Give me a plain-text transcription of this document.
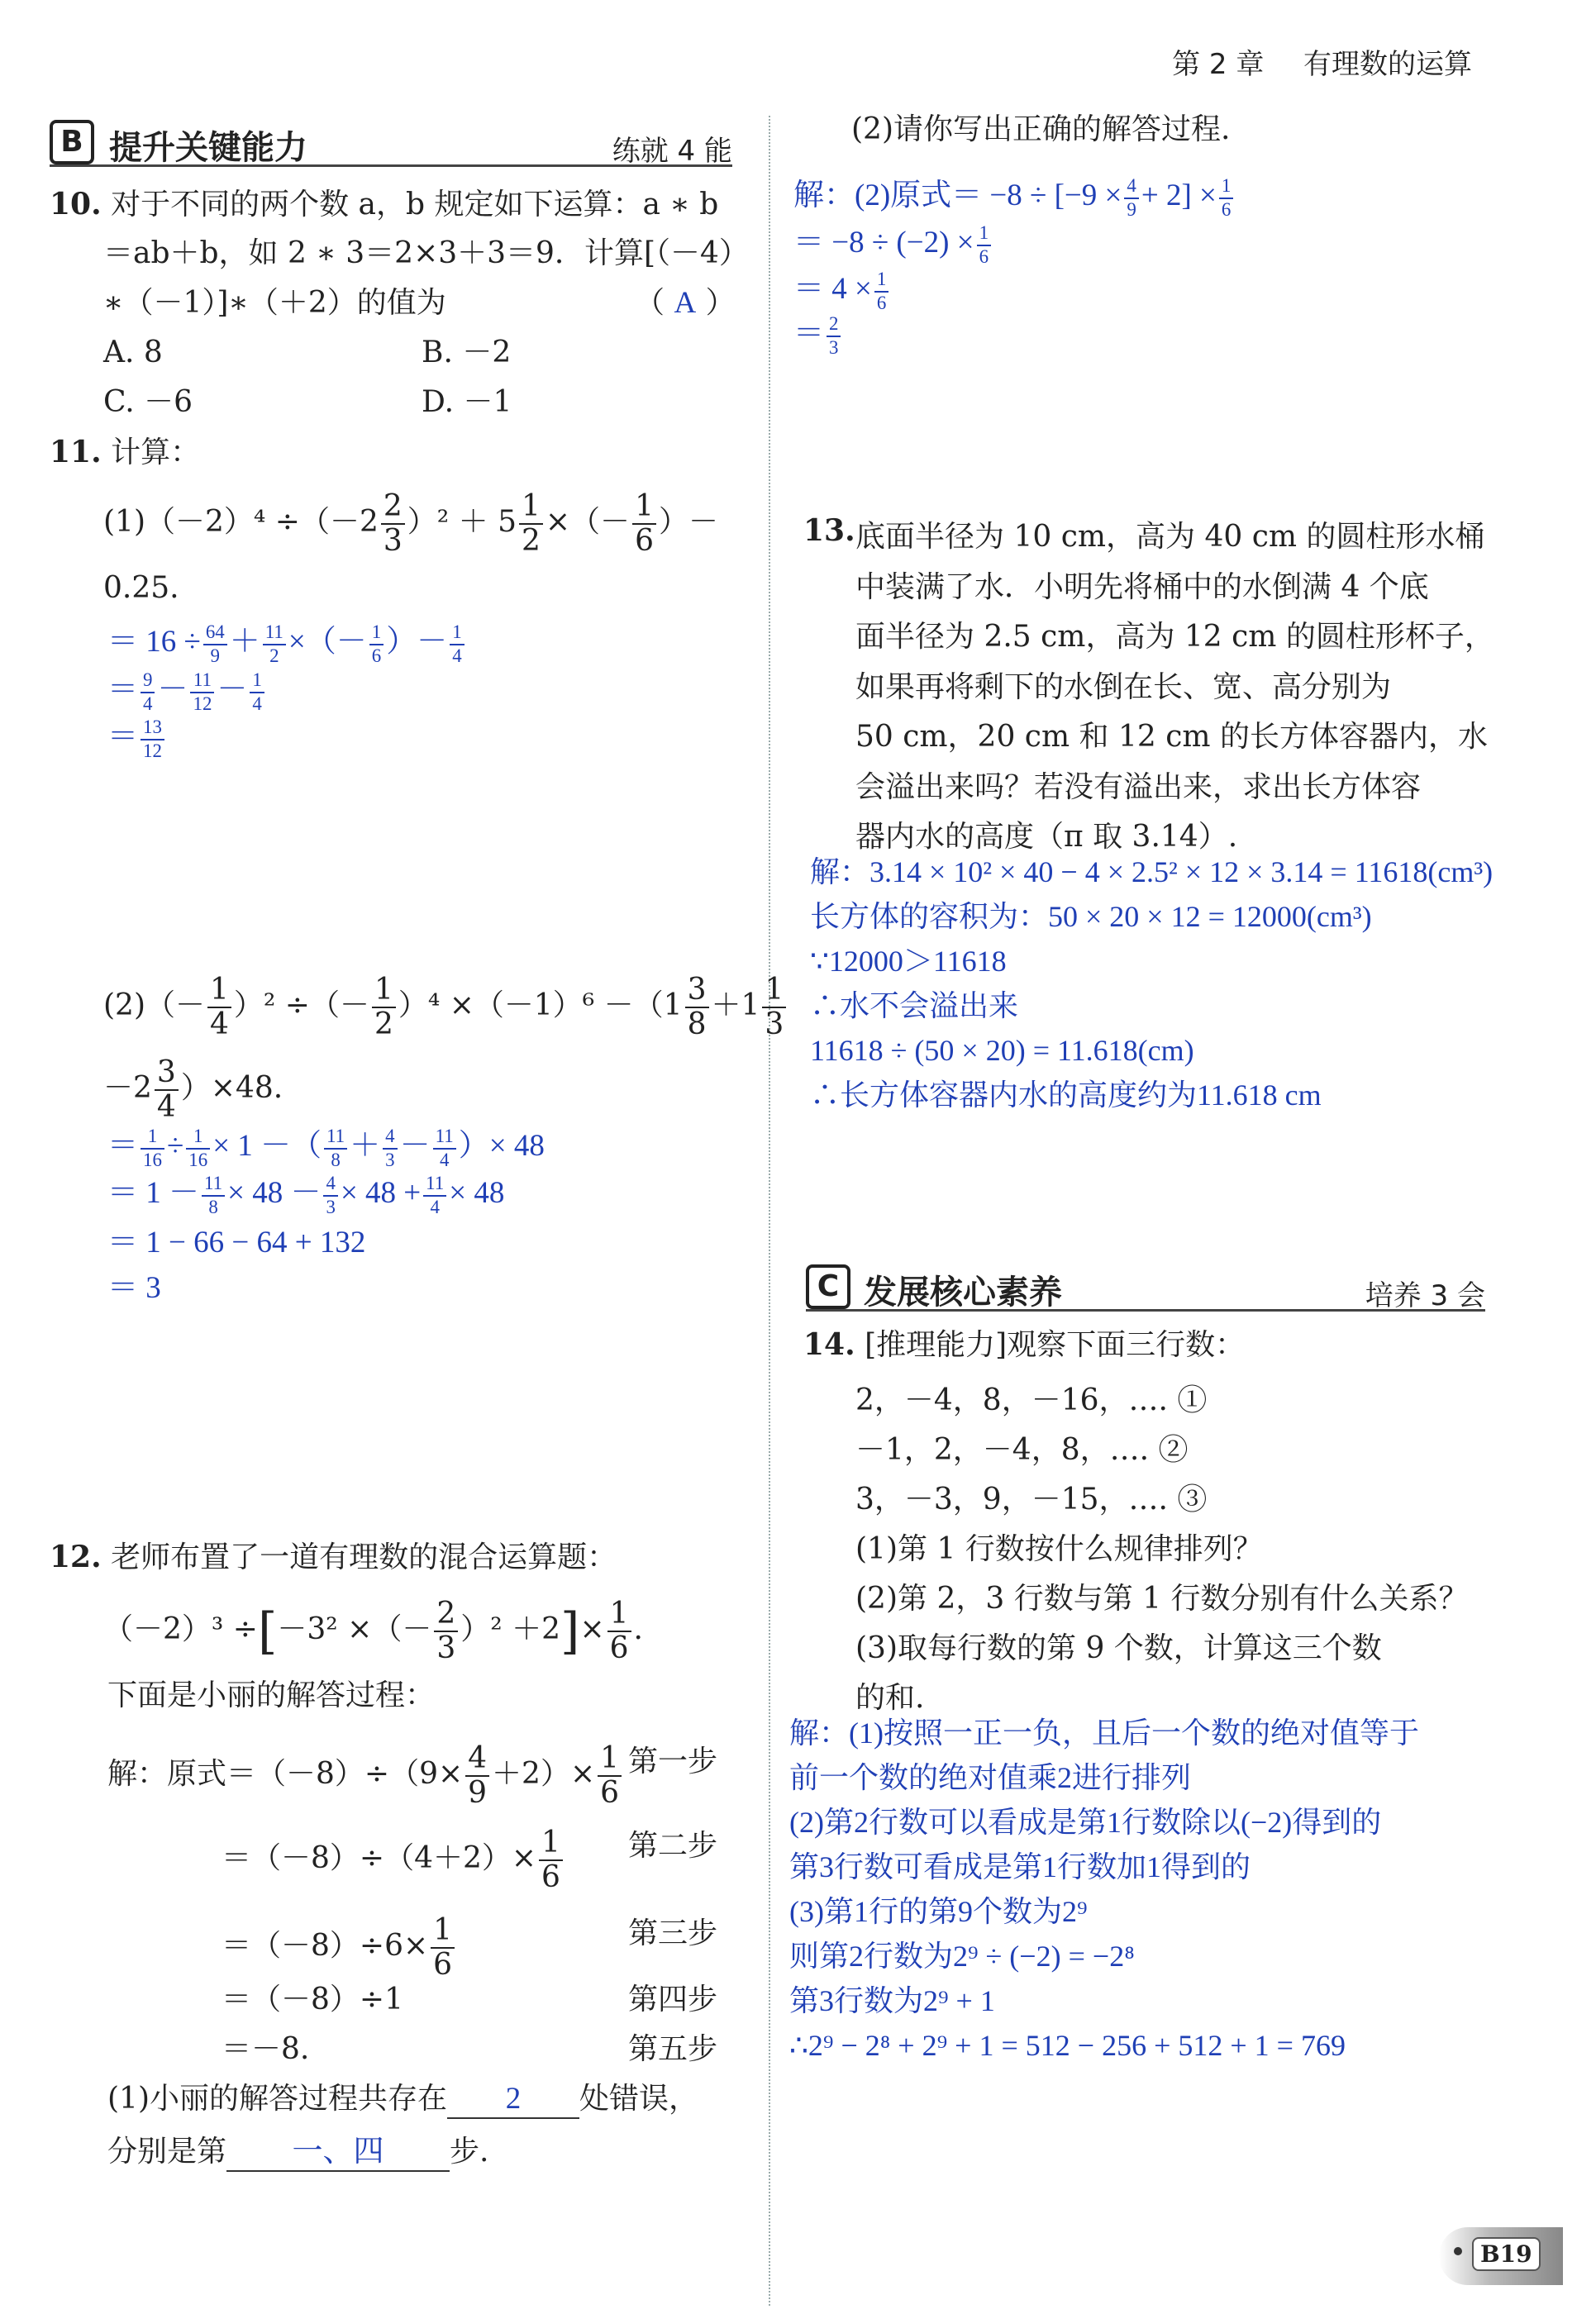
第 2 章 有理数的运算
B 提升关键能力	练就 4 能
10. 对于不同的两个数 a，b 规定如下运算：a ∗ b
＝ab＋b，如 2 ∗ 3＝2×3＋3＝9．计算[（－4）
∗（－1）]∗（＋2）的值为	（ A ）
A. 8	B. －2
C. －6	D. －1
11. 计算：
$(1)(-2)^4 \div(-2 \frac{2}{3} )^2 + 5 \frac{1}{2}$ ×（－ $\frac{1}{6}$ ）－
0.25.
＝ $16 \div \frac{64}{9} + \frac{11}{2}$ ×（－ $\frac{1}{6}$ ）－ $\frac{1}{4}$
＝ $\frac{9}{4} - \frac{11}{12} - \frac{1}{4}$
＝ $\frac{13}{12}$
$(2)(- \frac{1}{4} )^2$ ÷（－ $\frac{1}{2} )^4 \times(-1)^6 -(1 \frac{3}{8} +1 \frac{1}{3}$
$-2 \frac{3}{4} )\times 48$.
＝ $\frac{1}{16} \div \frac{1}{16} \times 1$ －（ $\frac{11}{8} + \frac{4}{3} - \frac{11}{4}$ ）× 48
＝ $1 - \frac{11}{8} \times 48 - \frac{4}{3} \times 48 + \frac{11}{4} \times 48$
＝ 1 − 66 − 64 + 132
＝ 3
12. 老师布置了一道有理数的混合运算题：
（－2）³ ÷[－3² ×（－ $\frac{2}{3} )^2 +2]\times \frac{1}{6}$ .
下面是小丽的解答过程：
解：原式$=(-8)\div(9\times \frac{4}{9} +2)\times \frac{1}{6}$ 第一步
$=(-8)\div(4+2)\times \frac{1}{6}$ 第二步
$=(-8)\div 6\times \frac{1}{6}$	第三步
＝（－8）÷1	第四步
＝－8.	第五步
(1)小丽的解答过程共存在 2 处错误，
分别是第 一、四 步.
(2)请你写出正确的解答过程.
解：(2)原式＝ $-8 \div [-9 \times \frac{4}{9} + 2] \times \frac{1}{6}$
＝ $-8 \div (-2) \times \frac{1}{6}$
＝ $4 \times \frac{1}{6}$
＝ $\frac{2}{3}$
13. 底面半径为 10 cm，高为 40 cm 的圆柱形水桶
中装满了水．小明先将桶中的水倒满 4 个底
面半径为 2.5 cm，高为 12 cm 的圆柱形杯子，
如果再将剩下的水倒在长、宽、高分别为
50 cm，20 cm 和 12 cm 的长方体容器内，水
会溢出来吗？若没有溢出来，求出长方体容
器内水的高度（π 取 3.14）.
解：3.14 × 10² × 40 − 4 × 2.5² × 12 × 3.14 = 11618(cm³)
长方体的容积为：50 × 20 × 12 = 12000(cm³)
∵12000＞11618
∴水不会溢出来
11618 ÷ (50 × 20) = 11.618(cm)
∴长方体容器内水的高度约为11.618 cm
C 发展核心素养	培养 3 会
14. [推理能力]观察下面三行数：
2，－4，8，－16，…. ①
－1，2，－4，8，…. ②
3，－3，9，－15，…. ③
(1)第 1 行数按什么规律排列？
(2)第 2，3 行数与第 1 行数分别有什么关系？
(3)取每行数的第 9 个数，计算这三个数
的和.
解：(1)按照一正一负，且后一个数的绝对值等于
前一个数的绝对值乘2进行排列
(2)第2行数可以看成是第1行数除以(−2)得到的
第3行数可看成是第1行数加1得到的
(3)第1行的第9个数为2⁹
则第2行数为2⁹ ÷ (−2) = −2⁸
第3行数为2⁹ + 1
∴2⁹ − 2⁸ + 2⁹ + 1 = 512 − 256 + 512 + 1 = 769
B19
